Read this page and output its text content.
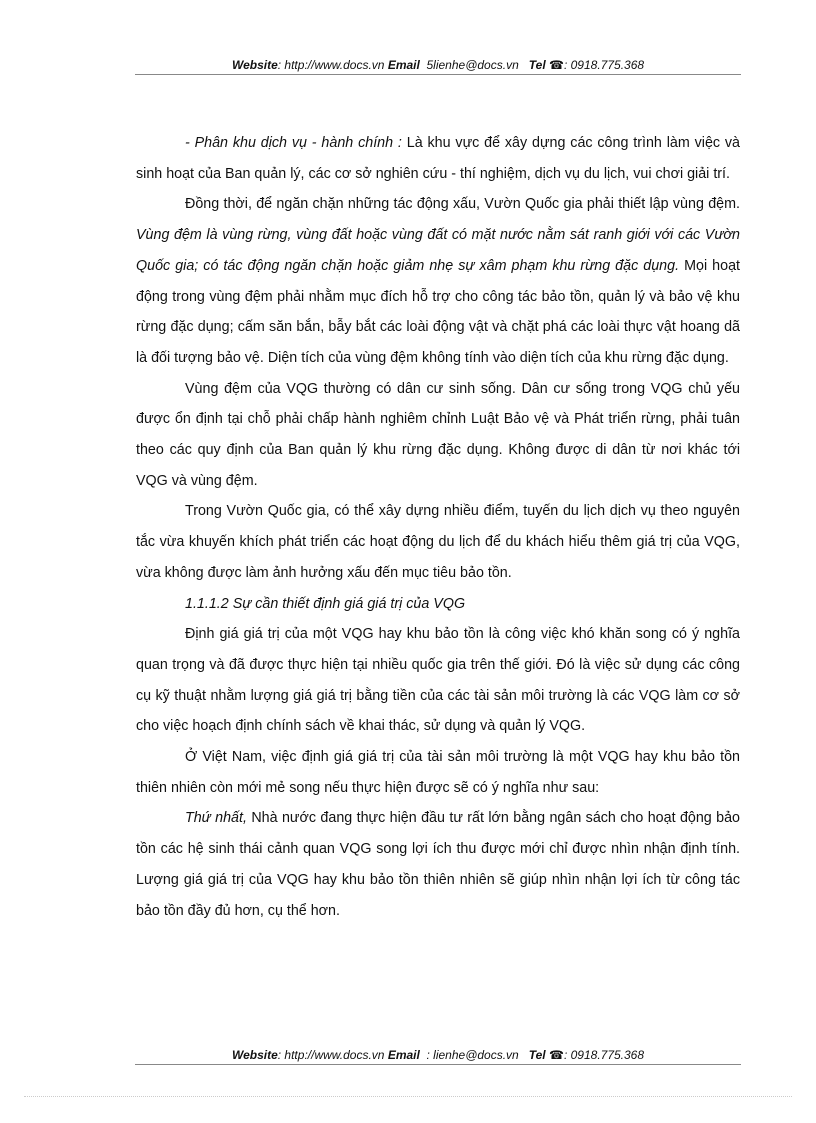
Website: http://www.docs.vn Email 5lienhe@docs.vn Tel ☎: 0918.775.368

- Phân khu dịch vụ - hành chính : Là khu vực để xây dựng các công trình làm việc và sinh hoạt của Ban quản lý, các cơ sở nghiên cứu - thí nghiệm, dịch vụ du lịch, vui chơi giải trí.

Đồng thời, để ngăn chặn những tác động xấu, Vườn Quốc gia phải thiết lập vùng đệm. Vùng đệm là vùng rừng, vùng đất hoặc vùng đất có mặt nước nằm sát ranh giới với các Vườn Quốc gia; có tác động ngăn chặn hoặc giảm nhẹ sự xâm phạm khu rừng đặc dụng. Mọi hoạt động trong vùng đệm phải nhằm mục đích hỗ trợ cho công tác bảo tồn, quản lý và bảo vệ khu rừng đặc dụng; cấm săn bắn, bẫy bắt các loài động vật và chặt phá các loài thực vật hoang dã là đối tượng bảo vệ. Diện tích của vùng đệm không tính vào diện tích của khu rừng đặc dụng.

Vùng đệm của VQG thường có dân cư sinh sống. Dân cư sống trong VQG chủ yếu được ổn định tại chỗ phải chấp hành nghiêm chỉnh Luật Bảo vệ và Phát triển rừng, phải tuân theo các quy định của Ban quản lý khu rừng đặc dụng. Không được di dân từ nơi khác tới VQG và vùng đệm.

Trong Vườn Quốc gia, có thể xây dựng nhiều điểm, tuyến du lịch dịch vụ theo nguyên tắc vừa khuyến khích phát triển các hoạt động du lịch để du khách hiểu thêm giá trị của VQG, vừa không được làm ảnh hưởng xấu đến mục tiêu bảo tồn.

1.1.1.2 Sự cần thiết định giá giá trị của VQG

Định giá giá trị của một VQG hay khu bảo tồn là công việc khó khăn song có ý nghĩa quan trọng và đã được thực hiện tại nhiều quốc gia trên thế giới. Đó là việc sử dụng các công cụ kỹ thuật nhằm lượng giá giá trị bằng tiền của các tài sản môi trường là các VQG làm cơ sở cho việc hoạch định chính sách về khai thác, sử dụng và quản lý VQG.

Ở Việt Nam, việc định giá giá trị của tài sản môi trường là một VQG hay khu bảo tồn thiên nhiên còn mới mẻ song nếu thực hiện được sẽ có ý nghĩa như sau:

Thứ nhất, Nhà nước đang thực hiện đầu tư rất lớn bằng ngân sách cho hoạt động bảo tồn các hệ sinh thái cảnh quan VQG song lợi ích thu được mới chỉ được nhìn nhận định tính. Lượng giá giá trị của VQG hay khu bảo tồn thiên nhiên sẽ giúp nhìn nhận lợi ích từ công tác bảo tồn đầy đủ hơn, cụ thể hơn.

Website: http://www.docs.vn Email : lienhe@docs.vn Tel ☎: 0918.775.368
